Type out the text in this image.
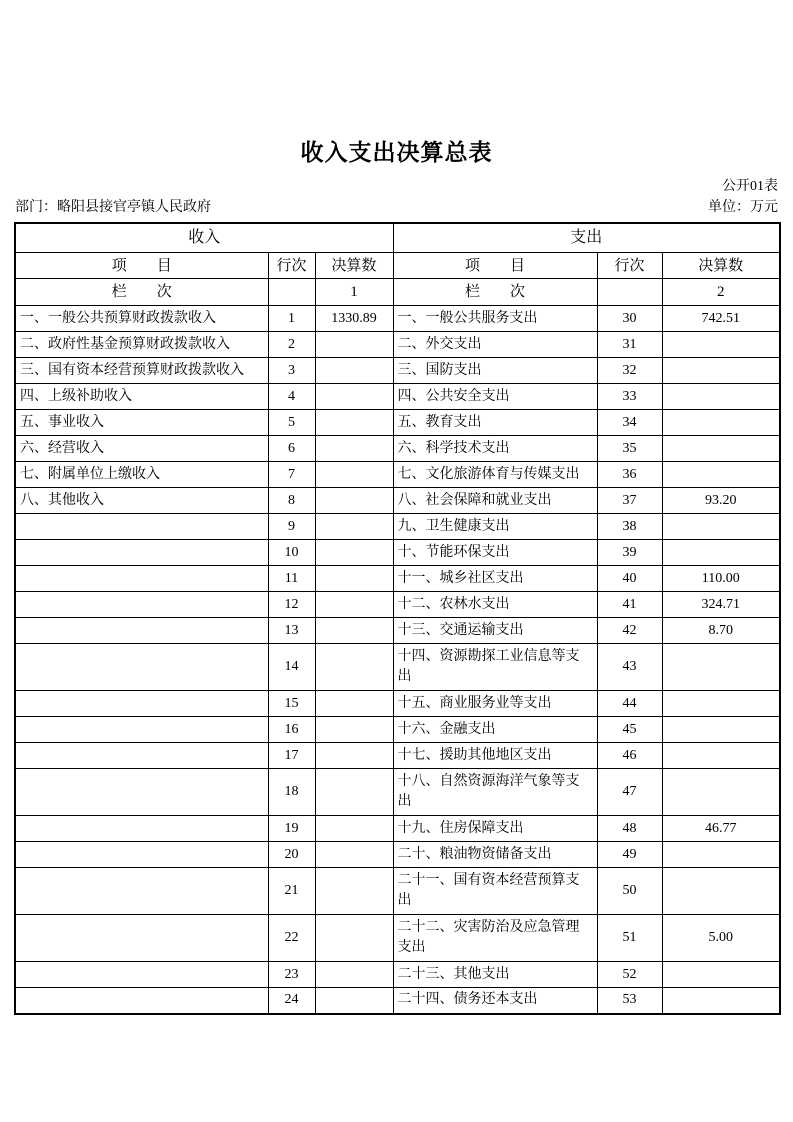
收入支出决算总表
公开01表
部门：略阳县接官亭镇人民政府	单位：万元
收入			支出		
项　　目	行次	决算数	项　　目	行次	决算数
栏　　次		1	栏　　次		2
一、一般公共预算财政拨款收入	1	1330.89	一、一般公共服务支出	30	742.51
二、政府性基金预算财政拨款收入	2		二、外交支出	31	
三、国有资本经营预算财政拨款收入	3		三、国防支出	32	
四、上级补助收入	4		四、公共安全支出	33	
五、事业收入	5		五、教育支出	34	
六、经营收入	6		六、科学技术支出	35	
七、附属单位上缴收入	7		七、文化旅游体育与传媒支出	36	
八、其他收入	8		八、社会保障和就业支出	37	93.20
	9		九、卫生健康支出	38	
	10		十、节能环保支出	39	
	11		十一、城乡社区支出	40	110.00
	12		十二、农林水支出	41	324.71
	13		十三、交通运输支出	42	8.70
	14		十四、资源勘探工业信息等支出	43	
	15		十五、商业服务业等支出	44	
	16		十六、金融支出	45	
	17		十七、援助其他地区支出	46	
	18		十八、自然资源海洋气象等支出	47	
	19		十九、住房保障支出	48	46.77
	20		二十、粮油物资储备支出	49	
	21		二十一、国有资本经营预算支出	50	
	22		二十二、灾害防治及应急管理支出	51	5.00
	23		二十三、其他支出	52	
	24		二十四、债务还本支出	53	
